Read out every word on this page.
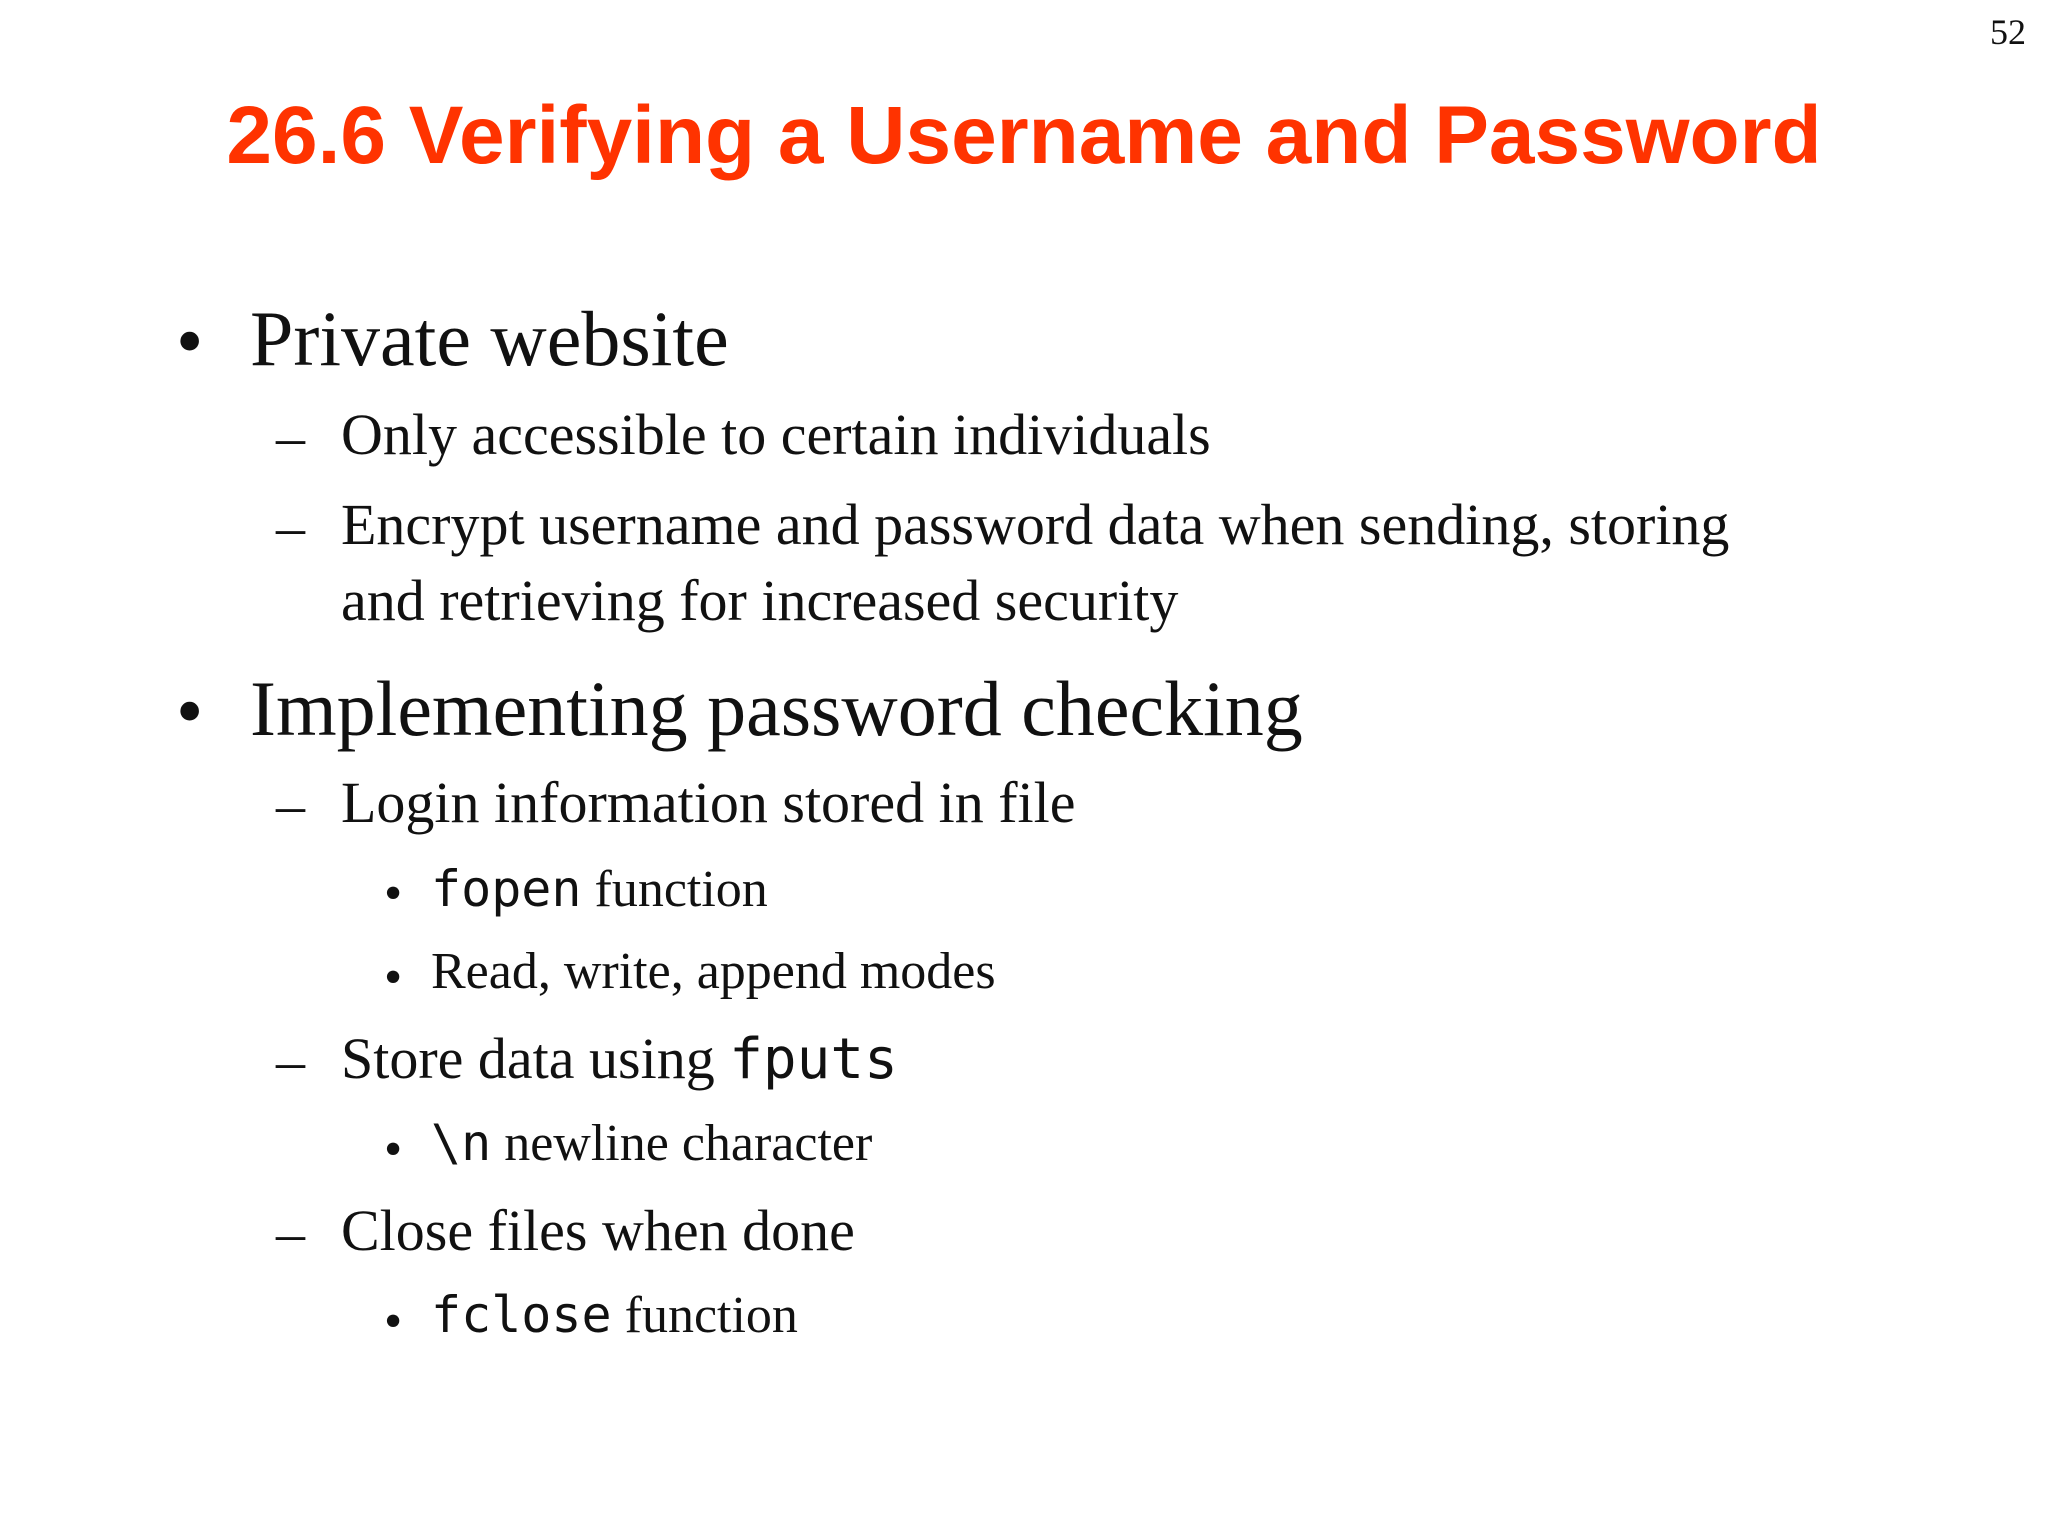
52
26.6 Verifying a Username and Password
• Private website
– Only accessible to certain individuals
– Encrypt username and password data when sending, storing
and retrieving for increased security
• Implementing password checking
– Login information stored in file
• fopen function
• Read, write, append modes
– Store data using fputs
• \n newline character
– Close files when done
• fclose function
